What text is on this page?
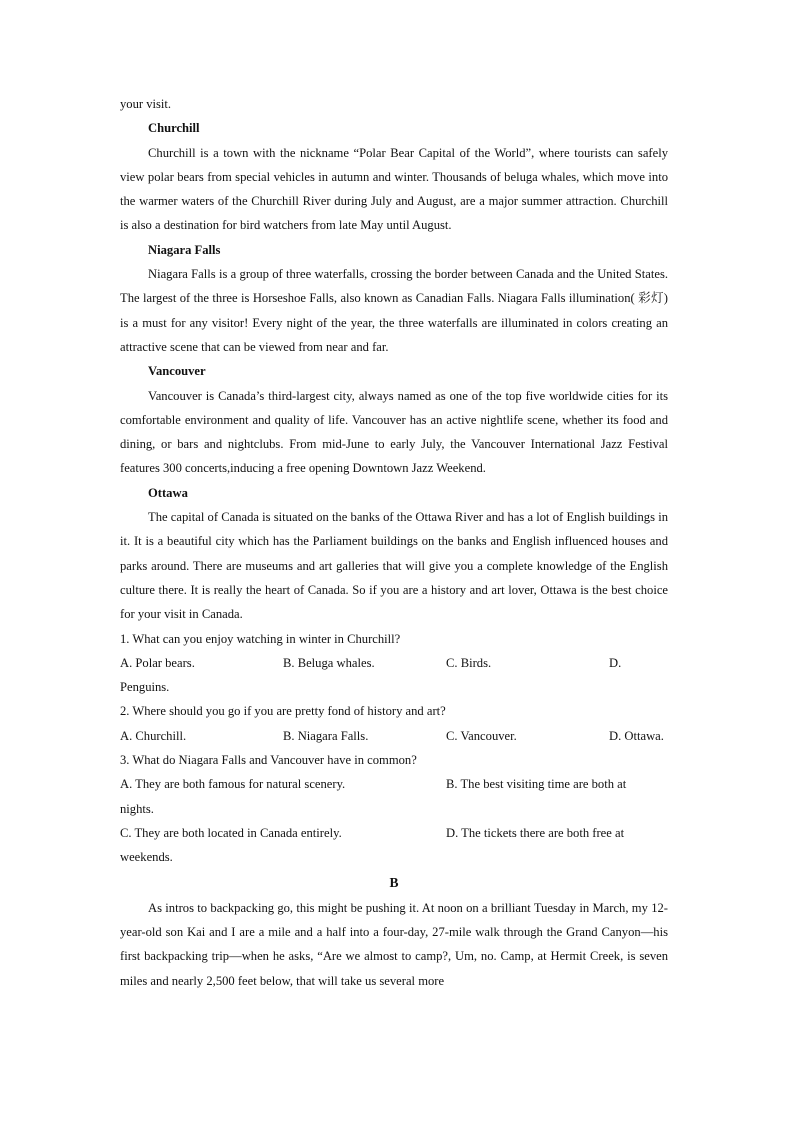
your visit.

Churchill

Churchill is a town with the nickname “Polar Bear Capital of the World”, where tourists can safely view polar bears from special vehicles in autumn and winter. Thousands of beluga whales, which move into the warmer waters of the Churchill River during July and August, are a major summer attraction. Churchill is also a destination for bird watchers from late May until August.

Niagara Falls

Niagara Falls is a group of three waterfalls, crossing the border between Canada and the United States. The largest of the three is Horseshoe Falls, also known as Canadian Falls. Niagara Falls illumination( 彩灯) is a must for any visitor! Every night of the year, the three waterfalls are illuminated in colors creating an attractive scene that can be viewed from near and far.

Vancouver

Vancouver is Canada’s third-largest city, always named as one of the top five worldwide cities for its comfortable environment and quality of life. Vancouver has an active nightlife scene, whether its food and dining, or bars and nightclubs. From mid-June to early July, the Vancouver International Jazz Festival features 300 concerts,inducing a free opening Downtown Jazz Weekend.

Ottawa

The capital of Canada is situated on the banks of the Ottawa River and has a lot of English buildings in it. It is a beautiful city which has the Parliament buildings on the banks and English influenced houses and parks around. There are museums and art galleries that will give you a complete knowledge of the English culture there. It is really the heart of Canada. So if you are a history and art lover, Ottawa is the best choice for your visit in Canada.

1. What can you enjoy watching in winter in Churchill?

A. Polar bears.	B. Beluga whales.	C. Birds.	D.
Penguins.

2. Where should you go if you are pretty fond of history and art?

A. Churchill.	B. Niagara Falls.	C. Vancouver.	D. Ottawa.

3. What do Niagara Falls and Vancouver have in common?

A. They are both famous for natural scenery.	B. The best visiting time are both at
nights.
C. They are both located in Canada entirely.	D. The tickets there are both free at
weekends.

B

As intros to backpacking go, this might be pushing it. At noon on a brilliant Tuesday in March, my 12-year-old son Kai and I are a mile and a half into a four-day, 27-mile walk through the Grand Canyon—his first backpacking trip—when he asks, “Are we almost to camp?, Um, no. Camp, at Hermit Creek, is seven miles and nearly 2,500 feet below, that will take us several more
